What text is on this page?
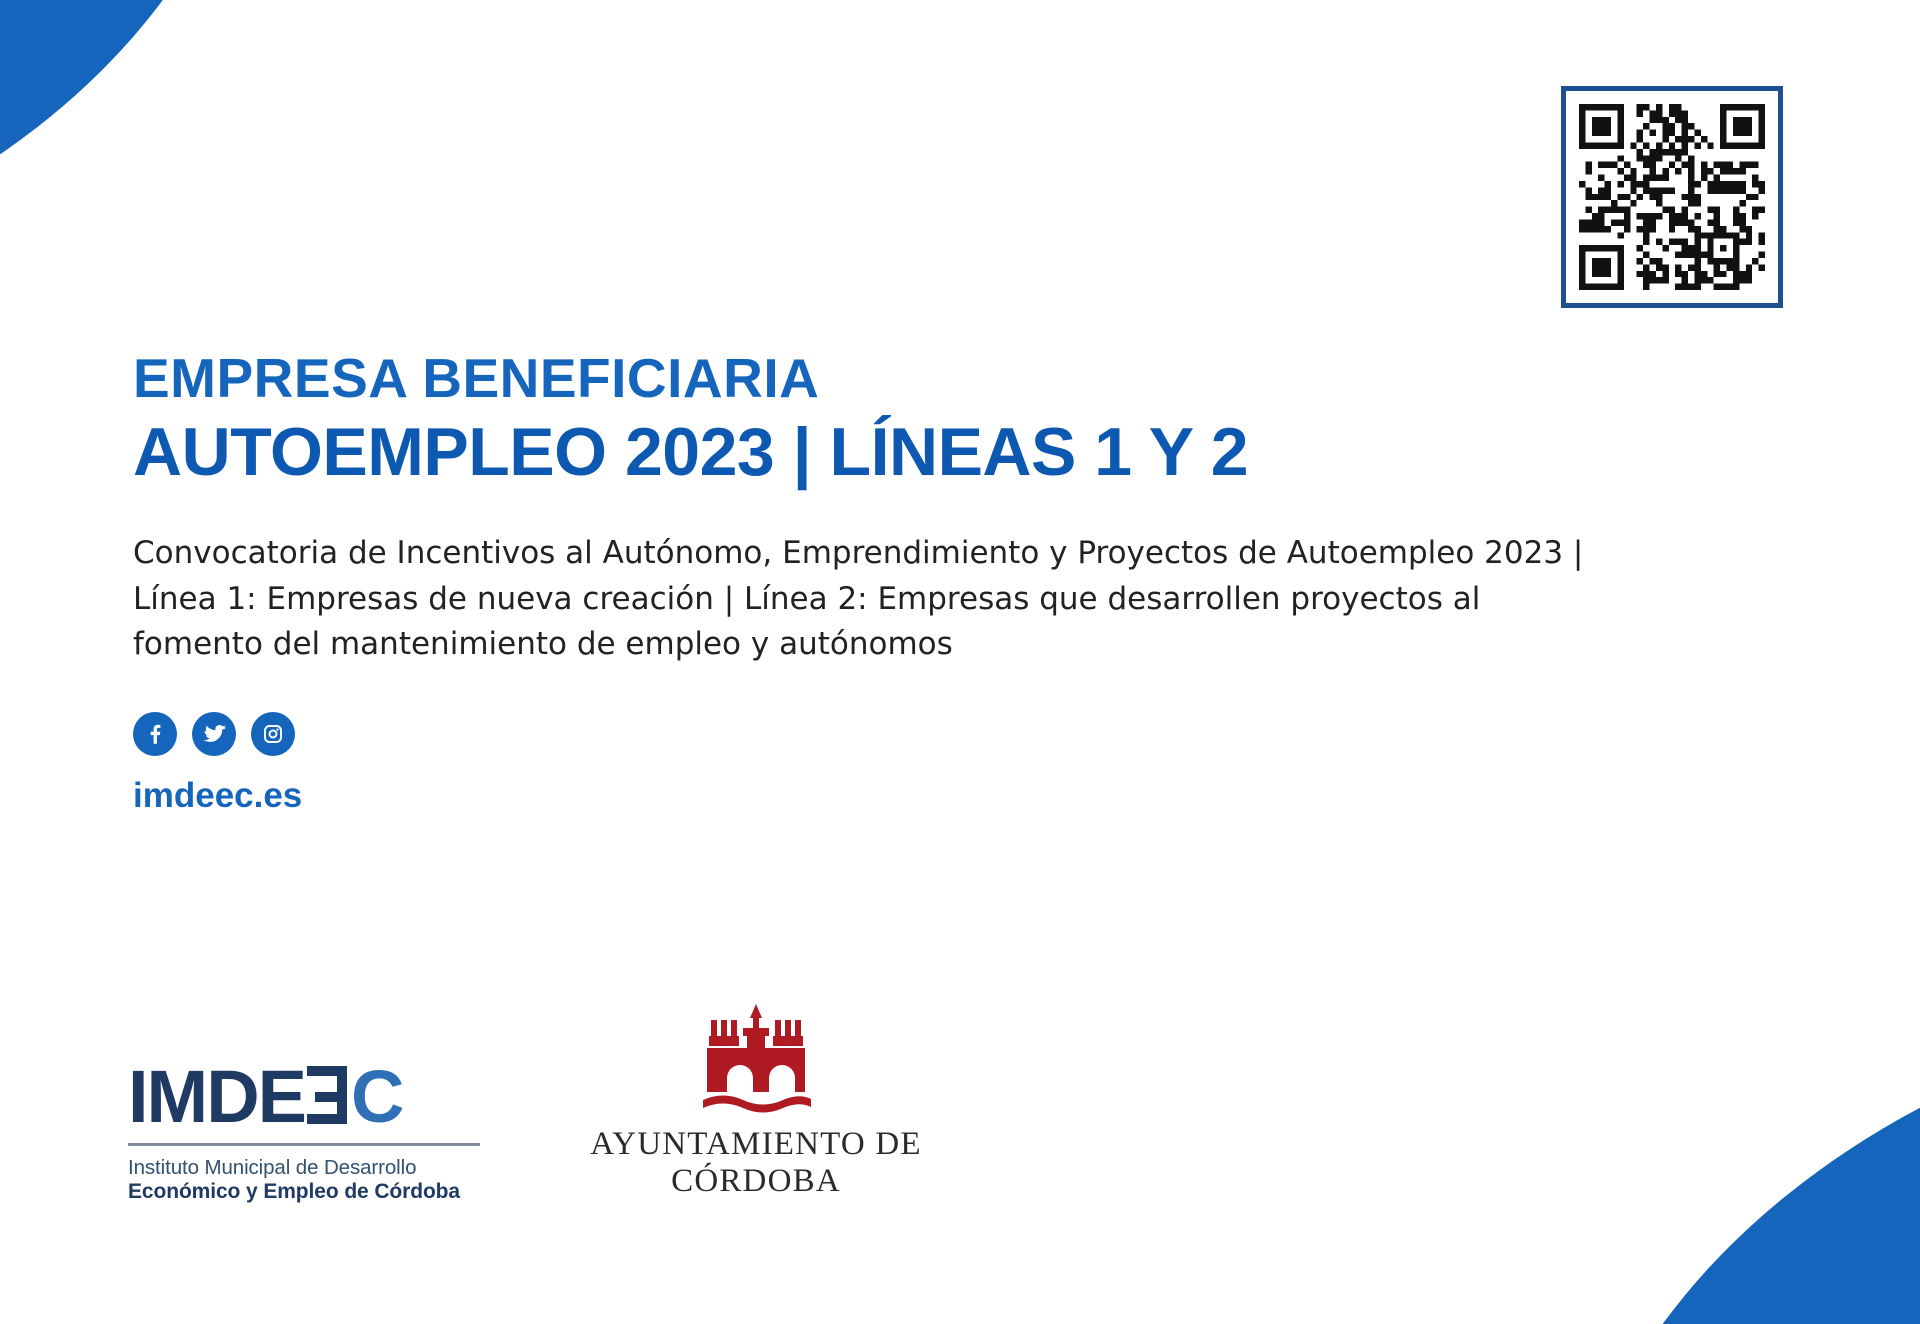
EMPRESA BENEFICIARIA
AUTOEMPLEO 2023 | LÍNEAS 1 Y 2
Convocatoria de Incentivos al Autónomo, Emprendimiento y Proyectos de Autoempleo 2023 |
Línea 1: Empresas de nueva creación | Línea 2: Empresas que desarrollen proyectos al
fomento del mantenimiento de empleo y autónomos
imdeec.es
IMDE C
Instituto Municipal de Desarrollo
Económico y Empleo de Córdoba
AYUNTAMIENTO DE CÓRDOBA
